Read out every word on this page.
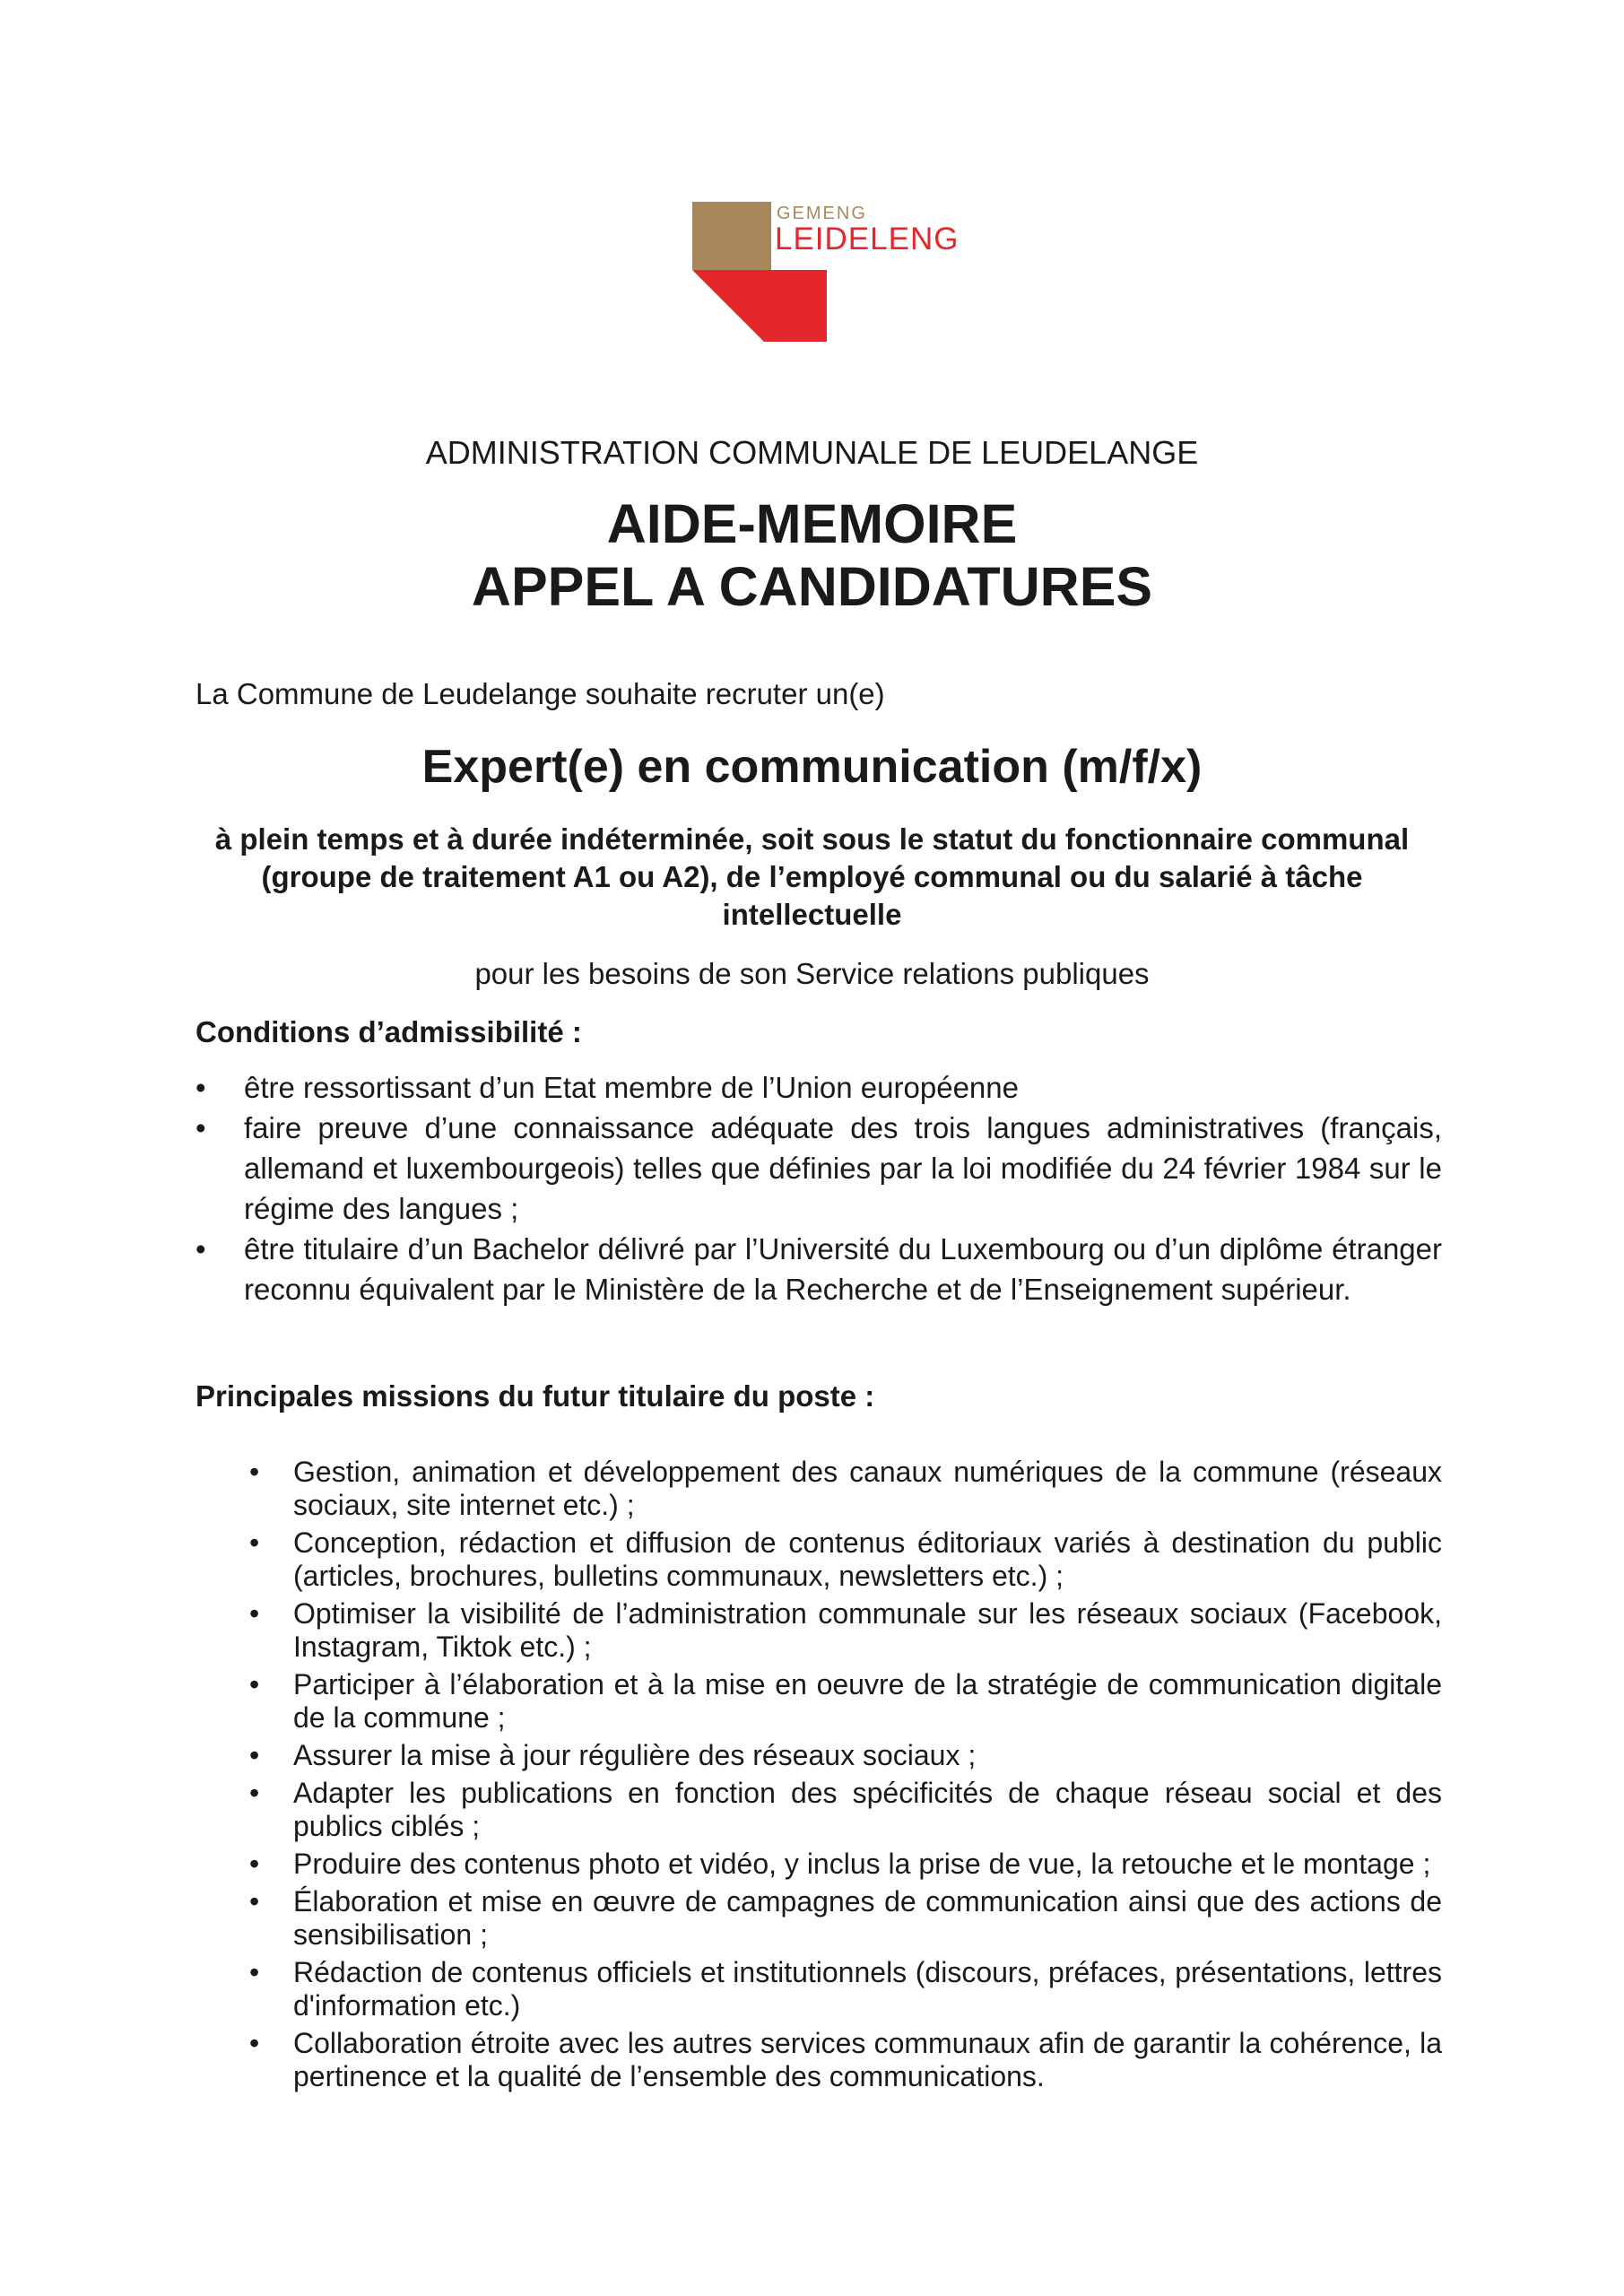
GEMENG
LEIDELENG
ADMINISTRATION COMMUNALE DE LEUDELANGE
AIDE-MEMOIRE
APPEL A CANDIDATURES
La Commune de Leudelange souhaite recruter un(e)
Expert(e) en communication (m/f/x)
à plein temps et à durée indéterminée, soit sous le statut du fonctionnaire communal
(groupe de traitement A1 ou A2), de l’employé communal ou du salarié à tâche
intellectuelle
pour les besoins de son Service relations publiques
Conditions d’admissibilité :
• être ressortissant d’un Etat membre de l’Union européenne
• faire preuve d’une connaissance adéquate des trois langues administratives (français, allemand et luxembourgeois) telles que définies par la loi modifiée du 24 février 1984 sur le régime des langues ;
• être titulaire d’un Bachelor délivré par l’Université du Luxembourg ou d’un diplôme étranger reconnu équivalent par le Ministère de la Recherche et de l’Enseignement supérieur.
Principales missions du futur titulaire du poste :
• Gestion, animation et développement des canaux numériques de la commune (réseaux sociaux, site internet etc.) ;
• Conception, rédaction et diffusion de contenus éditoriaux variés à destination du public (articles, brochures, bulletins communaux, newsletters etc.) ;
• Optimiser la visibilité de l’administration communale sur les réseaux sociaux (Facebook, Instagram, Tiktok etc.) ;
• Participer à l’élaboration et à la mise en oeuvre de la stratégie de communication digitale de la commune ;
• Assurer la mise à jour régulière des réseaux sociaux ;
• Adapter les publications en fonction des spécificités de chaque réseau social et des publics ciblés ;
• Produire des contenus photo et vidéo, y inclus la prise de vue, la retouche et le montage ;
• Élaboration et mise en œuvre de campagnes de communication ainsi que des actions de sensibilisation ;
• Rédaction de contenus officiels et institutionnels (discours, préfaces, présentations, lettres d'information etc.)
• Collaboration étroite avec les autres services communaux afin de garantir la cohérence, la pertinence et la qualité de l’ensemble des communications.
